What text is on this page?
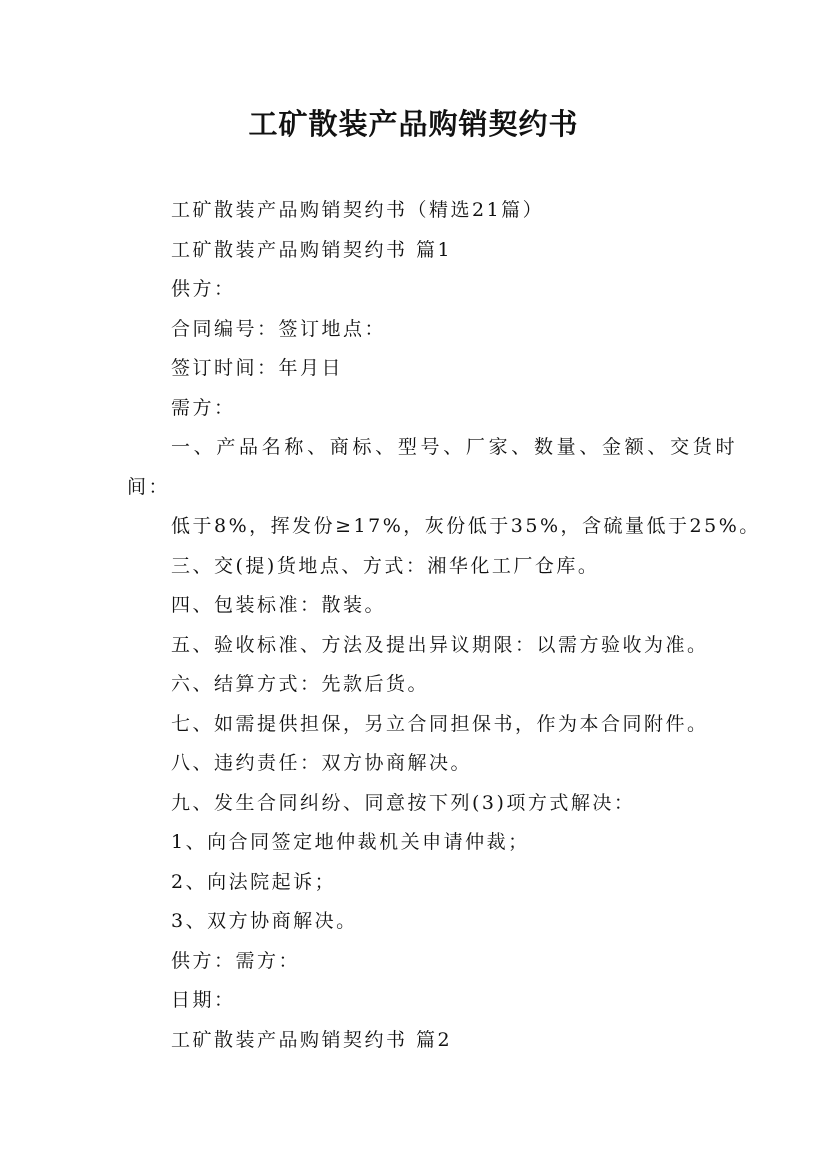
工矿散装产品购销契约书

工矿散装产品购销契约书（精选21篇）

工矿散装产品购销契约书 篇1

供方：

合同编号：签订地点：

签订时间：年月日

需方：

一、产品名称、商标、型号、厂家、数量、金额、交货时间：

低于8%，挥发份≥17%，灰份低于35%，含硫量低于25%。

三、交(提)货地点、方式：湘华化工厂仓库。

四、包装标准：散装。

五、验收标准、方法及提出异议期限：以需方验收为准。

六、结算方式：先款后货。

七、如需提供担保，另立合同担保书，作为本合同附件。

八、违约责任：双方协商解决。

九、发生合同纠纷、同意按下列(3)项方式解决：

1、向合同签定地仲裁机关申请仲裁；

2、向法院起诉；

3、双方协商解决。

供方：需方：

日期：

工矿散装产品购销契约书 篇2
